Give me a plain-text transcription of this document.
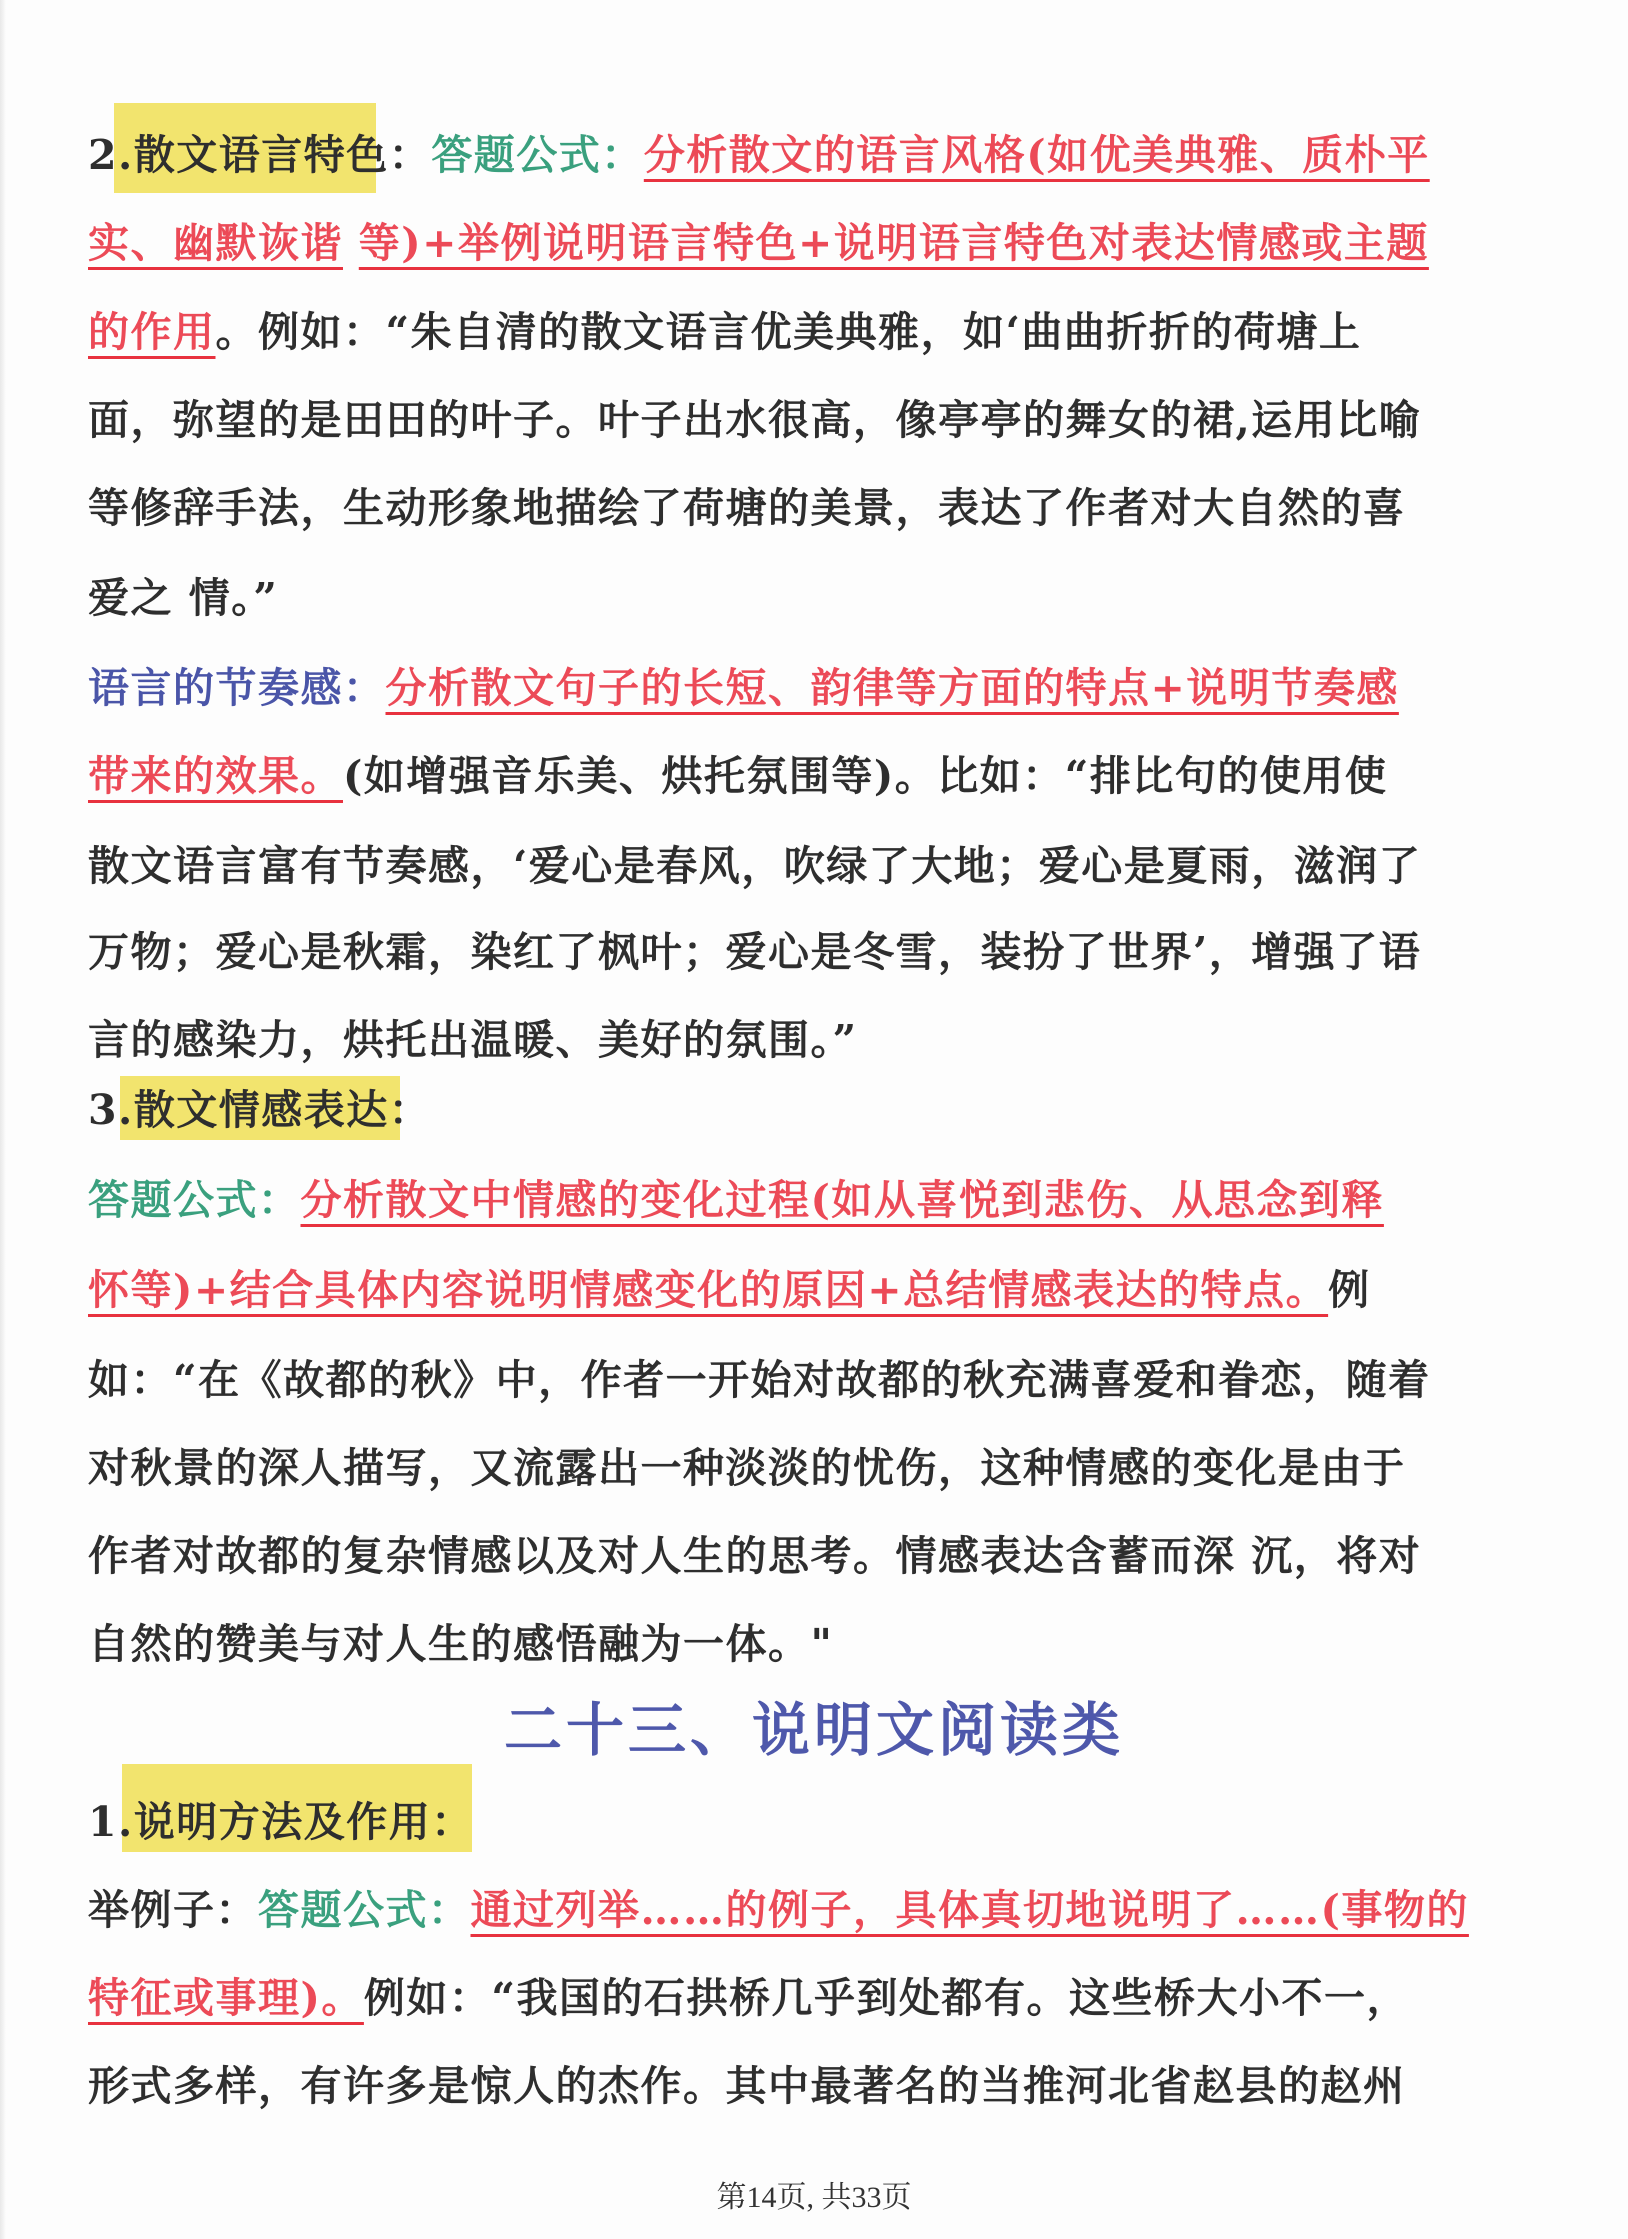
2.散文语言特色：答题公式：分析散文的语言风格(如优美典雅、质朴平
实、幽默诙谐 等)+举例说明语言特色+说明语言特色对表达情感或主题
的作用。例如：“朱自清的散文语言优美典雅，如‘曲曲折折的荷塘上
面，弥望的是田田的叶子。叶子出水很高，像亭亭的舞女的裙,运用比喻
等修辞手法，生动形象地描绘了荷塘的美景，表达了作者对大自然的喜
爱之 情。”
语言的节奏感：分析散文句子的长短、韵律等方面的特点+说明节奏感
带来的效果。(如增强音乐美、烘托氛围等)。比如：“排比句的使用使
散文语言富有节奏感，‘爱心是春风，吹绿了大地；爱心是夏雨，滋润了
万物；爱心是秋霜，染红了枫叶；爱心是冬雪，装扮了世界’，增强了语
言的感染力，烘托出温暖、美好的氛围。”
3.散文情感表达：
答题公式：分析散文中情感的变化过程(如从喜悦到悲伤、从思念到释
怀等)+结合具体内容说明情感变化的原因+总结情感表达的特点。例
如：“在《故都的秋》中，作者一开始对故都的秋充满喜爱和眷恋，随着
对秋景的深人描写，又流露出一种淡淡的忧伤，这种情感的变化是由于
作者对故都的复杂情感以及对人生的思考。情感表达含蓄而深 沉，将对
自然的赞美与对人生的感悟融为一体。"
二十三、说明文阅读类
1.说明方法及作用：
举例子：答题公式：通过列举……的例子，具体真切地说明了……(事物的
特征或事理)。例如：“我国的石拱桥几乎到处都有。这些桥大小不一，
形式多样，有许多是惊人的杰作。其中最著名的当推河北省赵县的赵州
第14页, 共33页
